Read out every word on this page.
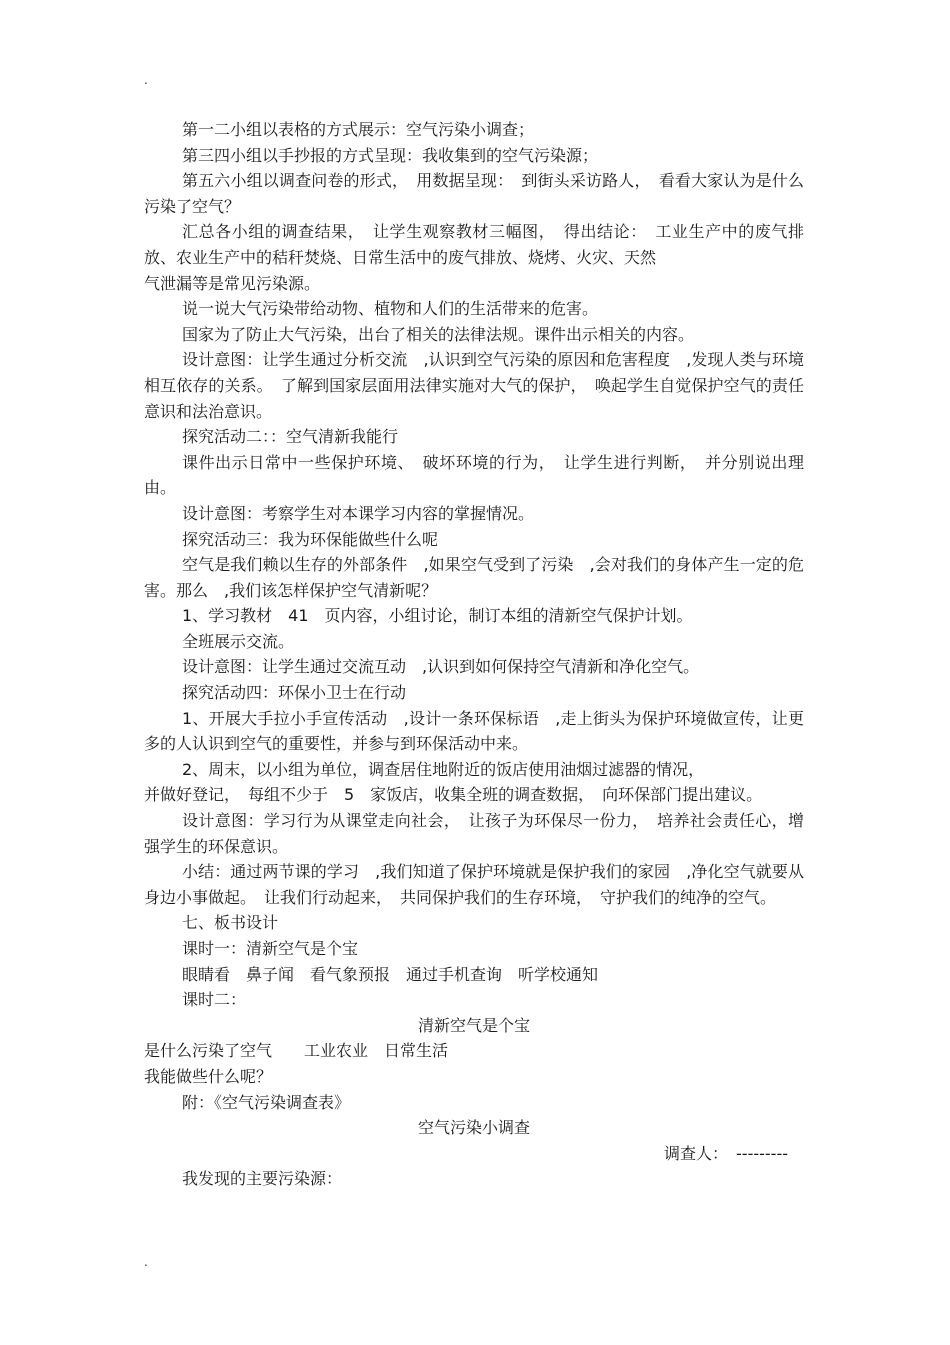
.

第一二小组以表格的方式展示：空气污染小调查；

第三四小组以手抄报的方式呈现：我收集到的空气污染源；

第五六小组以调查问卷的形式，　用数据呈现：　到街头采访路人，　看看大家认为是什么污染了空气？

汇总各小组的调查结果，　让学生观察教材三幅图，　得出结论：　工业生产中的废气排放、农业生产中的秸秆焚烧、日常生活中的废气排放、烧烤、火灾、天然

气泄漏等是常见污染源。

说一说大气污染带给动物、植物和人们的生活带来的危害。

国家为了防止大气污染，出台了相关的法律法规。课件出示相关的内容。

设计意图：让学生通过分析交流　,认识到空气污染的原因和危害程度　,发现人类与环境相互依存的关系。　了解到国家层面用法律实施对大气的保护，　唤起学生自觉保护空气的责任意识和法治意识。

探究活动二：：空气清新我能行

课件出示日常中一些保护环境、　破坏环境的行为，　让学生进行判断，　并分别说出理由。

设计意图：考察学生对本课学习内容的掌握情况。

探究活动三：我为环保能做些什么呢

空气是我们赖以生存的外部条件　,如果空气受到了污染　,会对我们的身体产生一定的危害。那么　,我们该怎样保护空气清新呢？

1、学习教材　41　页内容，小组讨论，制订本组的清新空气保护计划。

全班展示交流。

设计意图：让学生通过交流互动　,认识到如何保持空气清新和净化空气。

探究活动四：环保小卫士在行动

1、开展大手拉小手宣传活动　,设计一条环保标语　,走上街头为保护环境做宣传，让更多的人认识到空气的重要性，并参与到环保活动中来。

2、周末，以小组为单位，调查居住地附近的饭店使用油烟过滤器的情况，

并做好登记，　每组不少于　5　家饭店，收集全班的调查数据，　向环保部门提出建议。

设计意图：学习行为从课堂走向社会，　让孩子为环保尽一份力，　培养社会责任心，增强学生的环保意识。

小结：通过两节课的学习　,我们知道了保护环境就是保护我们的家园　,净化空气就要从身边小事做起。　让我们行动起来，　共同保护我们的生存环境，　守护我们的纯净的空气。

七、板书设计

课时一：清新空气是个宝

眼睛看　鼻子闻　看气象预报　通过手机查询　听学校通知

课时二：

清新空气是个宝

是什么污染了空气　　工业农业　日常生活

我能做些什么呢？

附：《空气污染调查表》

空气污染小调查

调查人：　---------

我发现的主要污染源：

.
